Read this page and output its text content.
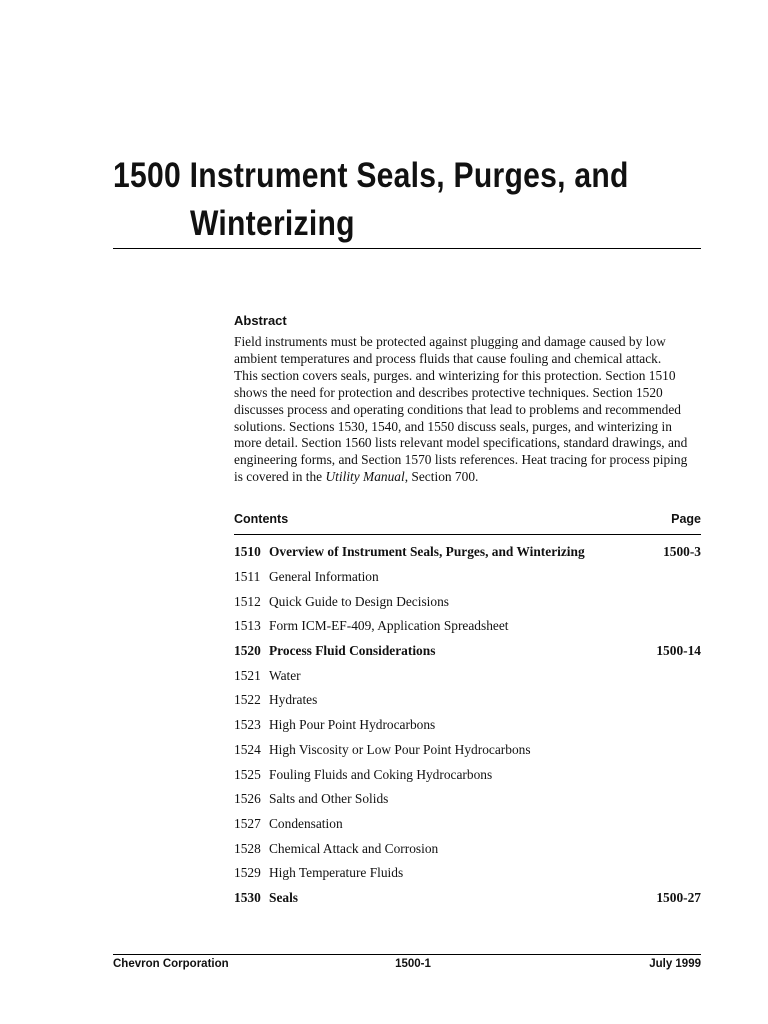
1500 Instrument Seals, Purges, and
Winterizing
Abstract

Field instruments must be protected against plugging and damage caused by low

ambient temperatures and process fluids that cause fouling and chemical attack.

This section covers seals, purges. and winterizing for this protection. Section 1510

shows the need for protection and describes protective techniques. Section 1520

discusses process and operating conditions that lead to problems and recommended

solutions. Sections 1530, 1540, and 1550 discuss seals, purges, and winterizing in

more detail. Section 1560 lists relevant model specifications, standard drawings, and

engineering forms, and Section 1570 lists references. Heat tracing for process piping

is covered in the Utility Manual, Section 700.

Contents	Page
1510 Overview of Instrument Seals, Purges, and Winterizing	1500-3
1511 General Information
1512 Quick Guide to Design Decisions
1513 Form ICM-EF-409, Application Spreadsheet
1520 Process Fluid Considerations	1500-14
1521 Water
1522 Hydrates
1523 High Pour Point Hydrocarbons
1524 High Viscosity or Low Pour Point Hydrocarbons
1525 Fouling Fluids and Coking Hydrocarbons
1526 Salts and Other Solids
1527 Condensation
1528 Chemical Attack and Corrosion
1529 High Temperature Fluids
1530 Seals	1500-27
Chevron Corporation	1500-1	July 1999
